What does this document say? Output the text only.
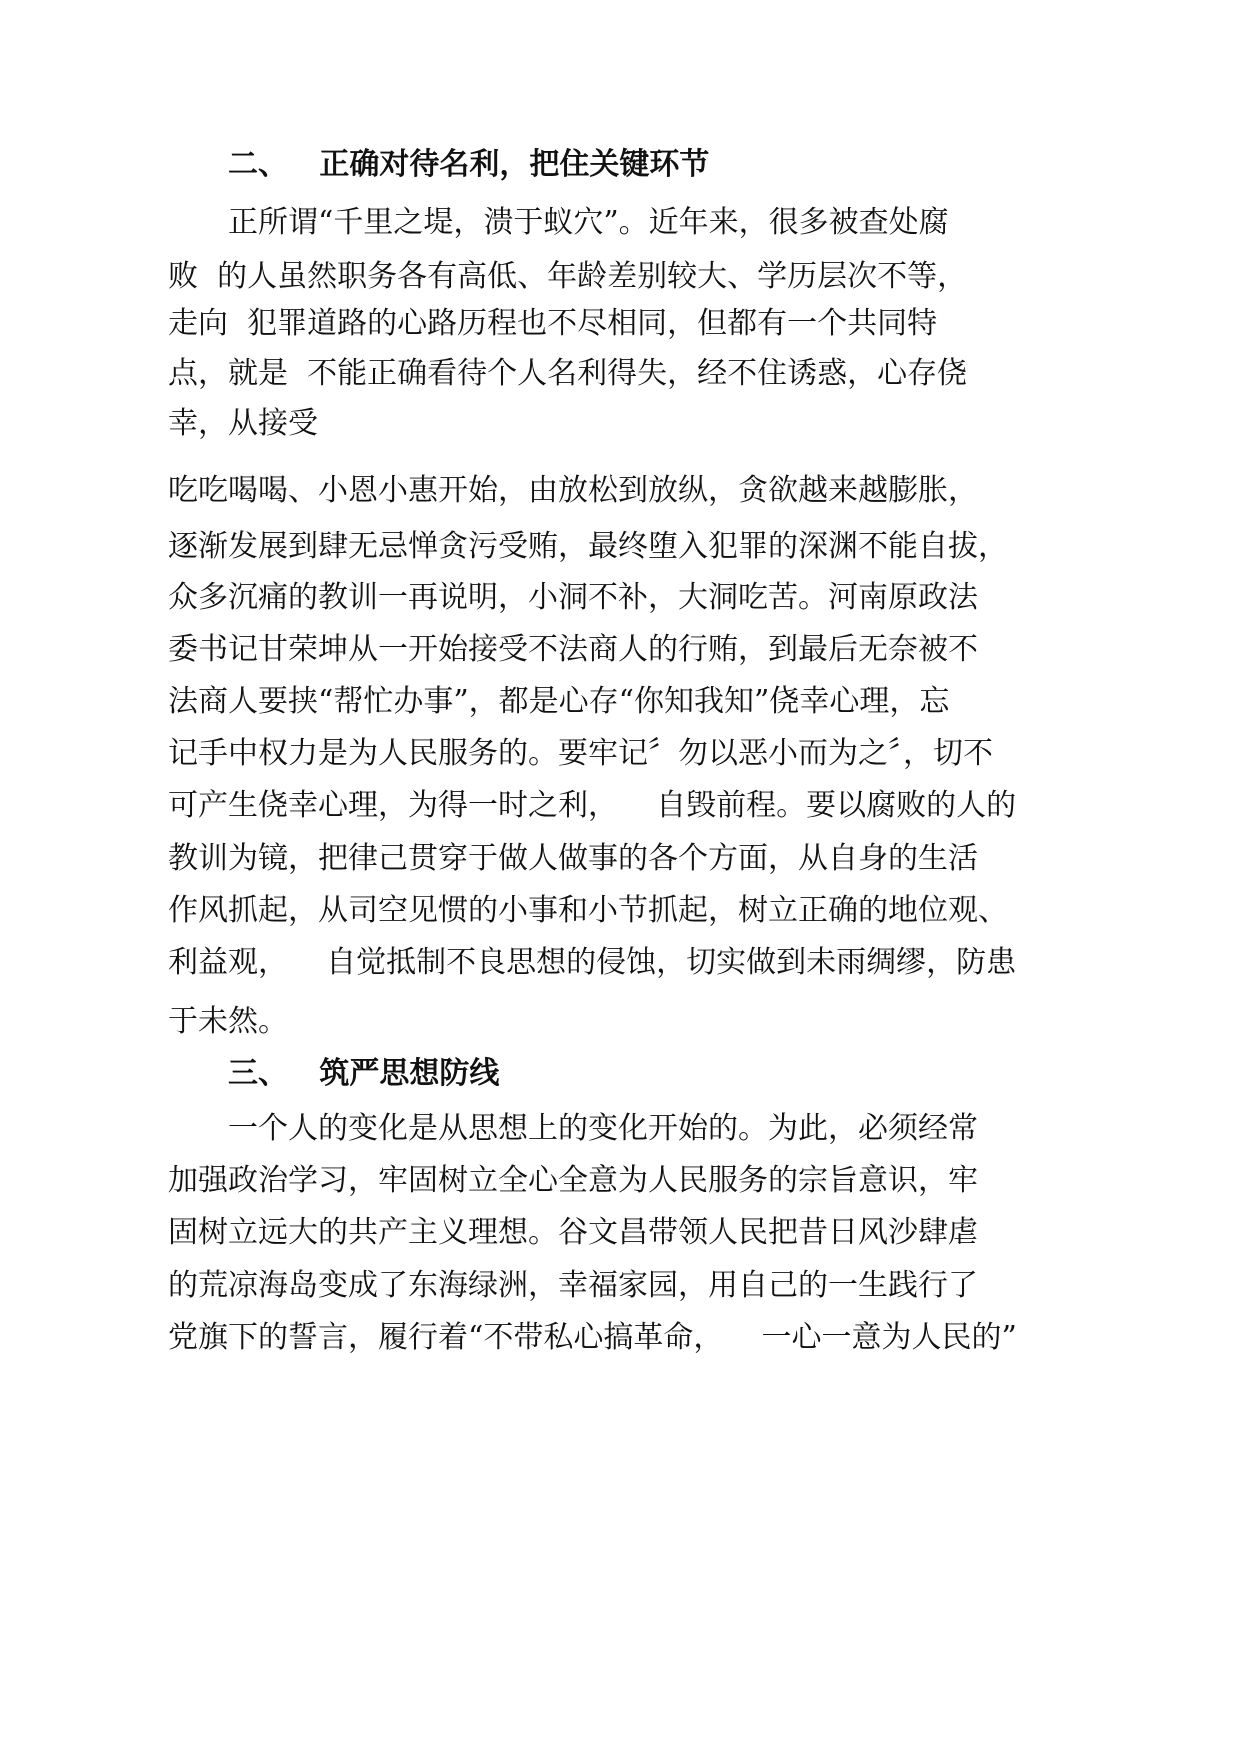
二、   正确对待名利，把住关键环节
正所谓“千里之堤，溃于蚁穴”。近年来，很多被查处腐
败  的人虽然职务各有高低、年龄差别较大、学历层次不等，
走向  犯罪道路的心路历程也不尽相同，但都有一个共同特
点，就是  不能正确看待个人名利得失，经不住诱惑，心存侥
幸，从接受
吃吃喝喝、小恩小惠开始，由放松到放纵，贪欲越来越膨胀，
逐渐发展到肆无忌惮贪污受贿，最终堕入犯罪的深渊不能自拔，
众多沉痛的教训一再说明，小洞不补，大洞吃苦。河南原政法
委书记甘荣坤从一开始接受不法商人的行贿，到最后无奈被不
法商人要挟“帮忙办事”，都是心存“你知我知”侥幸心理，忘
记手中权力是为人民服务的。要牢记〞勿以恶小而为之〞，切不
可产生侥幸心理，为得一时之利，    自毁前程。要以腐败的人的
教训为镜，把律己贯穿于做人做事的各个方面，从自身的生活
作风抓起，从司空见惯的小事和小节抓起，树立正确的地位观、
利益观，    自觉抵制不良思想的侵蚀，切实做到未雨绸缪，防患
于未然。
三、   筑严思想防线
一个人的变化是从思想上的变化开始的。为此，必须经常
加强政治学习，牢固树立全心全意为人民服务的宗旨意识，牢
固树立远大的共产主义理想。谷文昌带领人民把昔日风沙肆虐
的荒凉海岛变成了东海绿洲，幸福家园，用自己的一生践行了
党旗下的誓言，履行着“不带私心搞革命，    一心一意为人民的”
